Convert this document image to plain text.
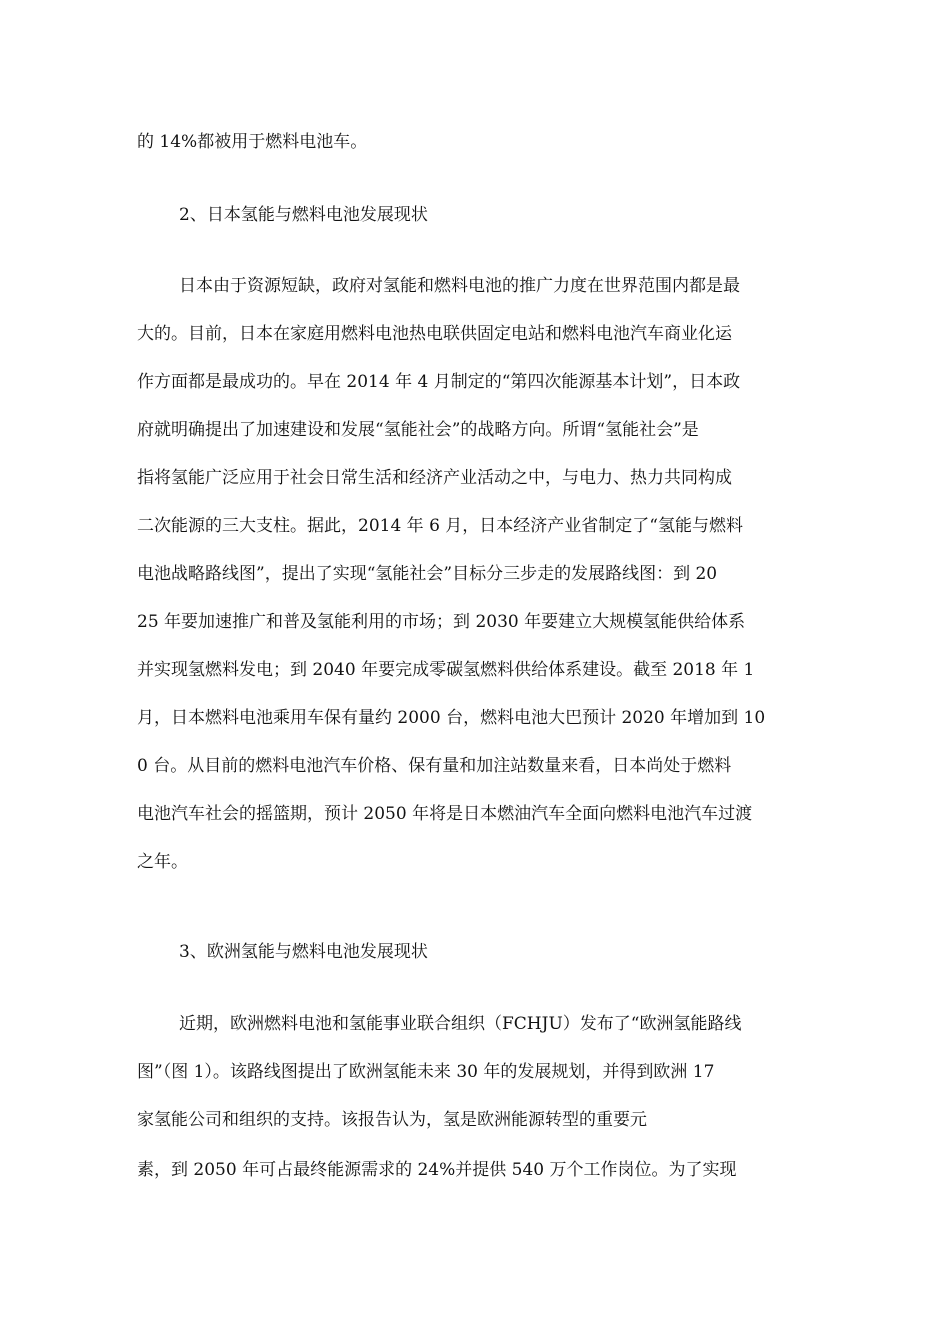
的 14%都被用于燃料电池车。
2、日本氢能与燃料电池发展现状
日本由于资源短缺，政府对氢能和燃料电池的推广力度在世界范围内都是最
大的。目前，日本在家庭用燃料电池热电联供固定电站和燃料电池汽车商业化运
作方面都是最成功的。早在 2014 年 4 月制定的“第四次能源基本计划”，日本政
府就明确提出了加速建设和发展“氢能社会”的战略方向。所谓“氢能社会”是
指将氢能广泛应用于社会日常生活和经济产业活动之中，与电力、热力共同构成
二次能源的三大支柱。据此，2014 年 6 月，日本经济产业省制定了“氢能与燃料
电池战略路线图”，提出了实现“氢能社会”目标分三步走的发展路线图：到 20
25 年要加速推广和普及氢能利用的市场；到 2030 年要建立大规模氢能供给体系
并实现氢燃料发电；到 2040 年要完成零碳氢燃料供给体系建设。截至 2018 年 1
月，日本燃料电池乘用车保有量约 2000 台，燃料电池大巴预计 2020 年增加到 10
0 台。从目前的燃料电池汽车价格、保有量和加注站数量来看，日本尚处于燃料
电池汽车社会的摇篮期，预计 2050 年将是日本燃油汽车全面向燃料电池汽车过渡
之年。
3、欧洲氢能与燃料电池发展现状
近期，欧洲燃料电池和氢能事业联合组织（FCHJU）发布了“欧洲氢能路线
图”（图 1）。该路线图提出了欧洲氢能未来 30 年的发展规划，并得到欧洲 17
家氢能公司和组织的支持。该报告认为，氢是欧洲能源转型的重要元
素，到 2050 年可占最终能源需求的 24%并提供 540 万个工作岗位。为了实现
